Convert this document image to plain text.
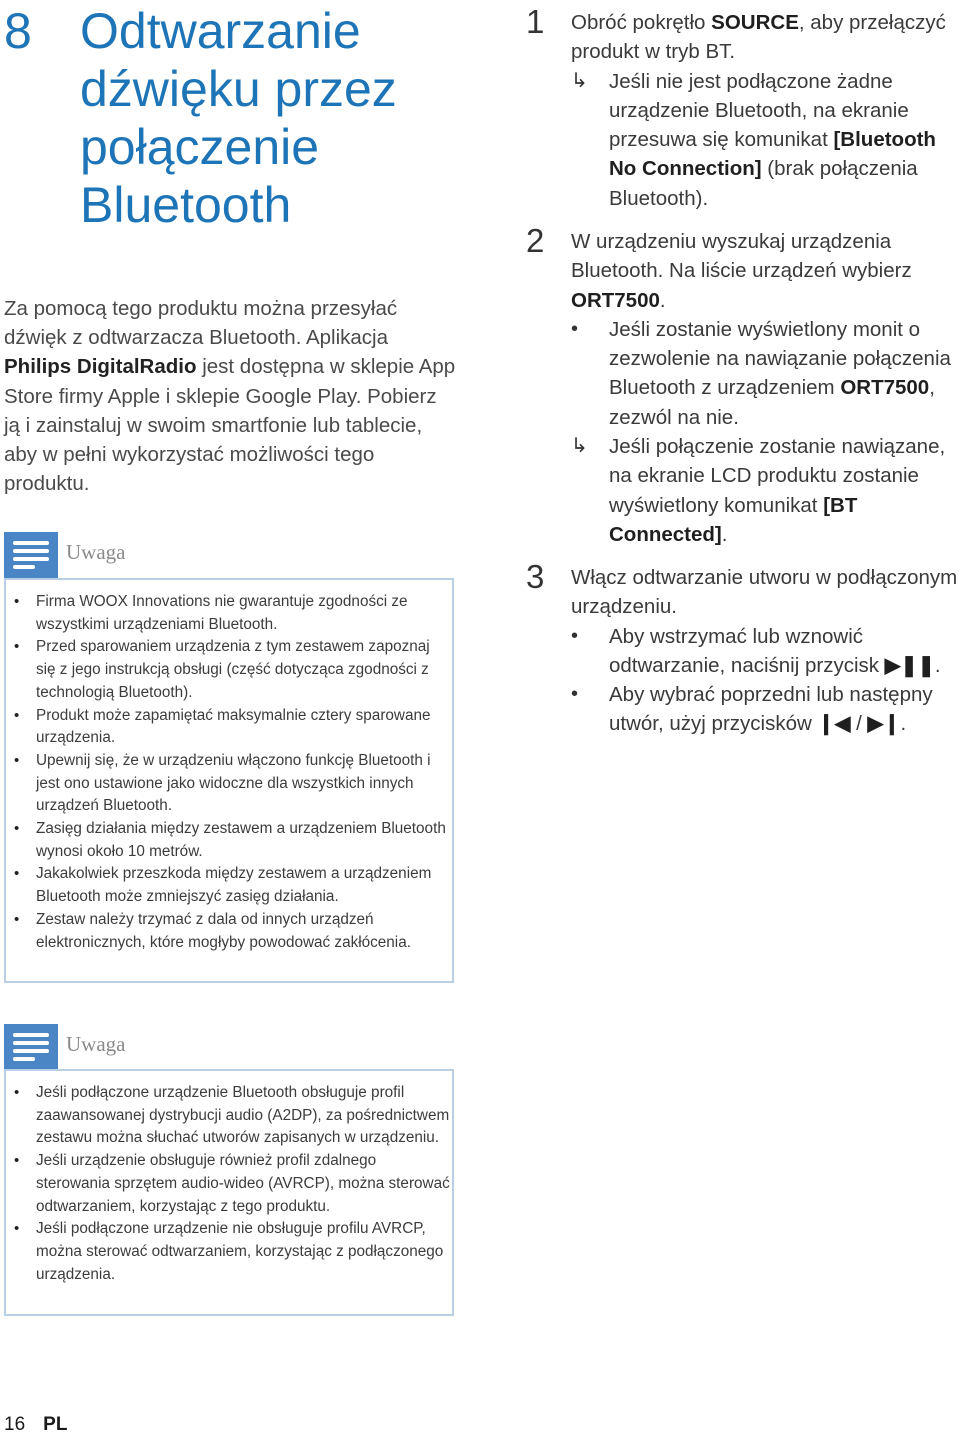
8 Odtwarzanie dźwięku przez połączenie Bluetooth

Za pomocą tego produktu można przesyłać dźwięk z odtwarzacza Bluetooth. Aplikacja Philips DigitalRadio jest dostępna w sklepie App Store firmy Apple i sklepie Google Play. Pobierz ją i zainstaluj w swoim smartfonie lub tablecie, aby w pełni wykorzystać możliwości tego produktu.

Uwaga
• Firma WOOX Innovations nie gwarantuje zgodności ze wszystkimi urządzeniami Bluetooth.
• Przed sparowaniem urządzenia z tym zestawem zapoznaj się z jego instrukcją obsługi (część dotycząca zgodności z technologią Bluetooth).
• Produkt może zapamiętać maksymalnie cztery sparowane urządzenia.
• Upewnij się, że w urządzeniu włączono funkcję Bluetooth i jest ono ustawione jako widoczne dla wszystkich innych urządzeń Bluetooth.
• Zasięg działania między zestawem a urządzeniem Bluetooth wynosi około 10 metrów.
• Jakakolwiek przeszkoda między zestawem a urządzeniem Bluetooth może zmniejszyć zasięg działania.
• Zestaw należy trzymać z dala od innych urządzeń elektronicznych, które mogłyby powodować zakłócenia.
Uwaga
• Jeśli podłączone urządzenie Bluetooth obsługuje profil zaawansowanej dystrybucji audio (A2DP), za pośrednictwem zestawu można słuchać utworów zapisanych w urządzeniu.
• Jeśli urządzenie obsługuje również profil zdalnego sterowania sprzętem audio-wideo (AVRCP), można sterować odtwarzaniem, korzystając z tego produktu.
• Jeśli podłączone urządzenie nie obsługuje profilu AVRCP, można sterować odtwarzaniem, korzystając z podłączonego urządzenia.
1 Obróć pokrętło SOURCE, aby przełączyć produkt w tryb BT.
↳ Jeśli nie jest podłączone żadne urządzenie Bluetooth, na ekranie przesuwa się komunikat [Bluetooth No Connection] (brak połączenia Bluetooth).
2 W urządzeniu wyszukaj urządzenia Bluetooth. Na liście urządzeń wybierz ORT7500.
• Jeśli zostanie wyświetlony monit o zezwolenie na nawiązanie połączenia Bluetooth z urządzeniem ORT7500, zezwól na nie.
↳ Jeśli połączenie zostanie nawiązane, na ekranie LCD produktu zostanie wyświetlony komunikat [BT Connected].
3 Włącz odtwarzanie utworu w podłączonym urządzeniu.
• Aby wstrzymać lub wznowić odtwarzanie, naciśnij przycisk ▶❚❚.
• Aby wybrać poprzedni lub następny utwór, użyj przycisków ❙◀ / ▶❙.
16 PL
